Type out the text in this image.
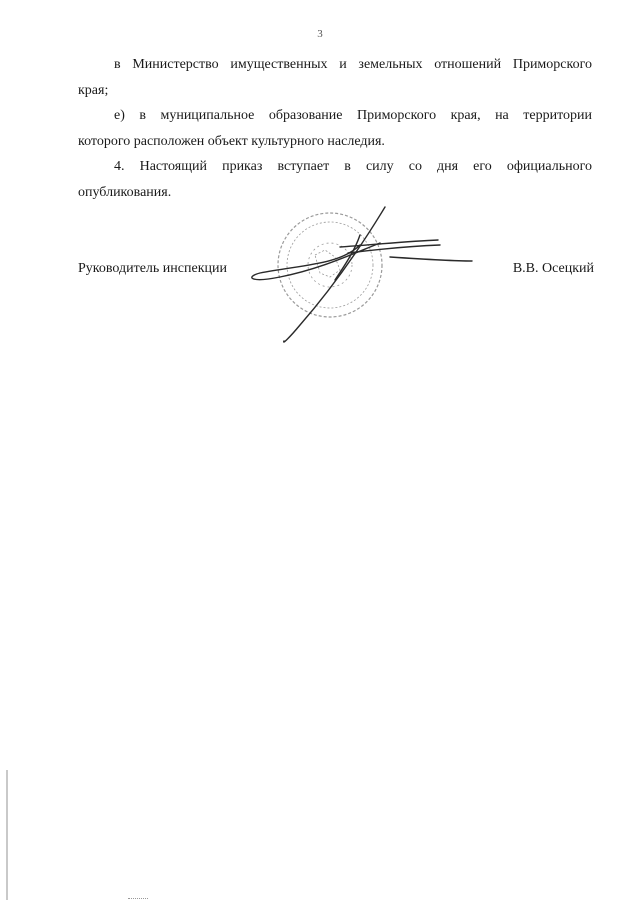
3

в Министерство имущественных и земельных отношений Приморского

края;

е) в муниципальное образование Приморского края, на территории

которого расположен объект культурного наследия.

4. Настоящий приказ вступает в силу со дня его официального

опубликования.

Руководитель инспекции	В.В. Осецкий
